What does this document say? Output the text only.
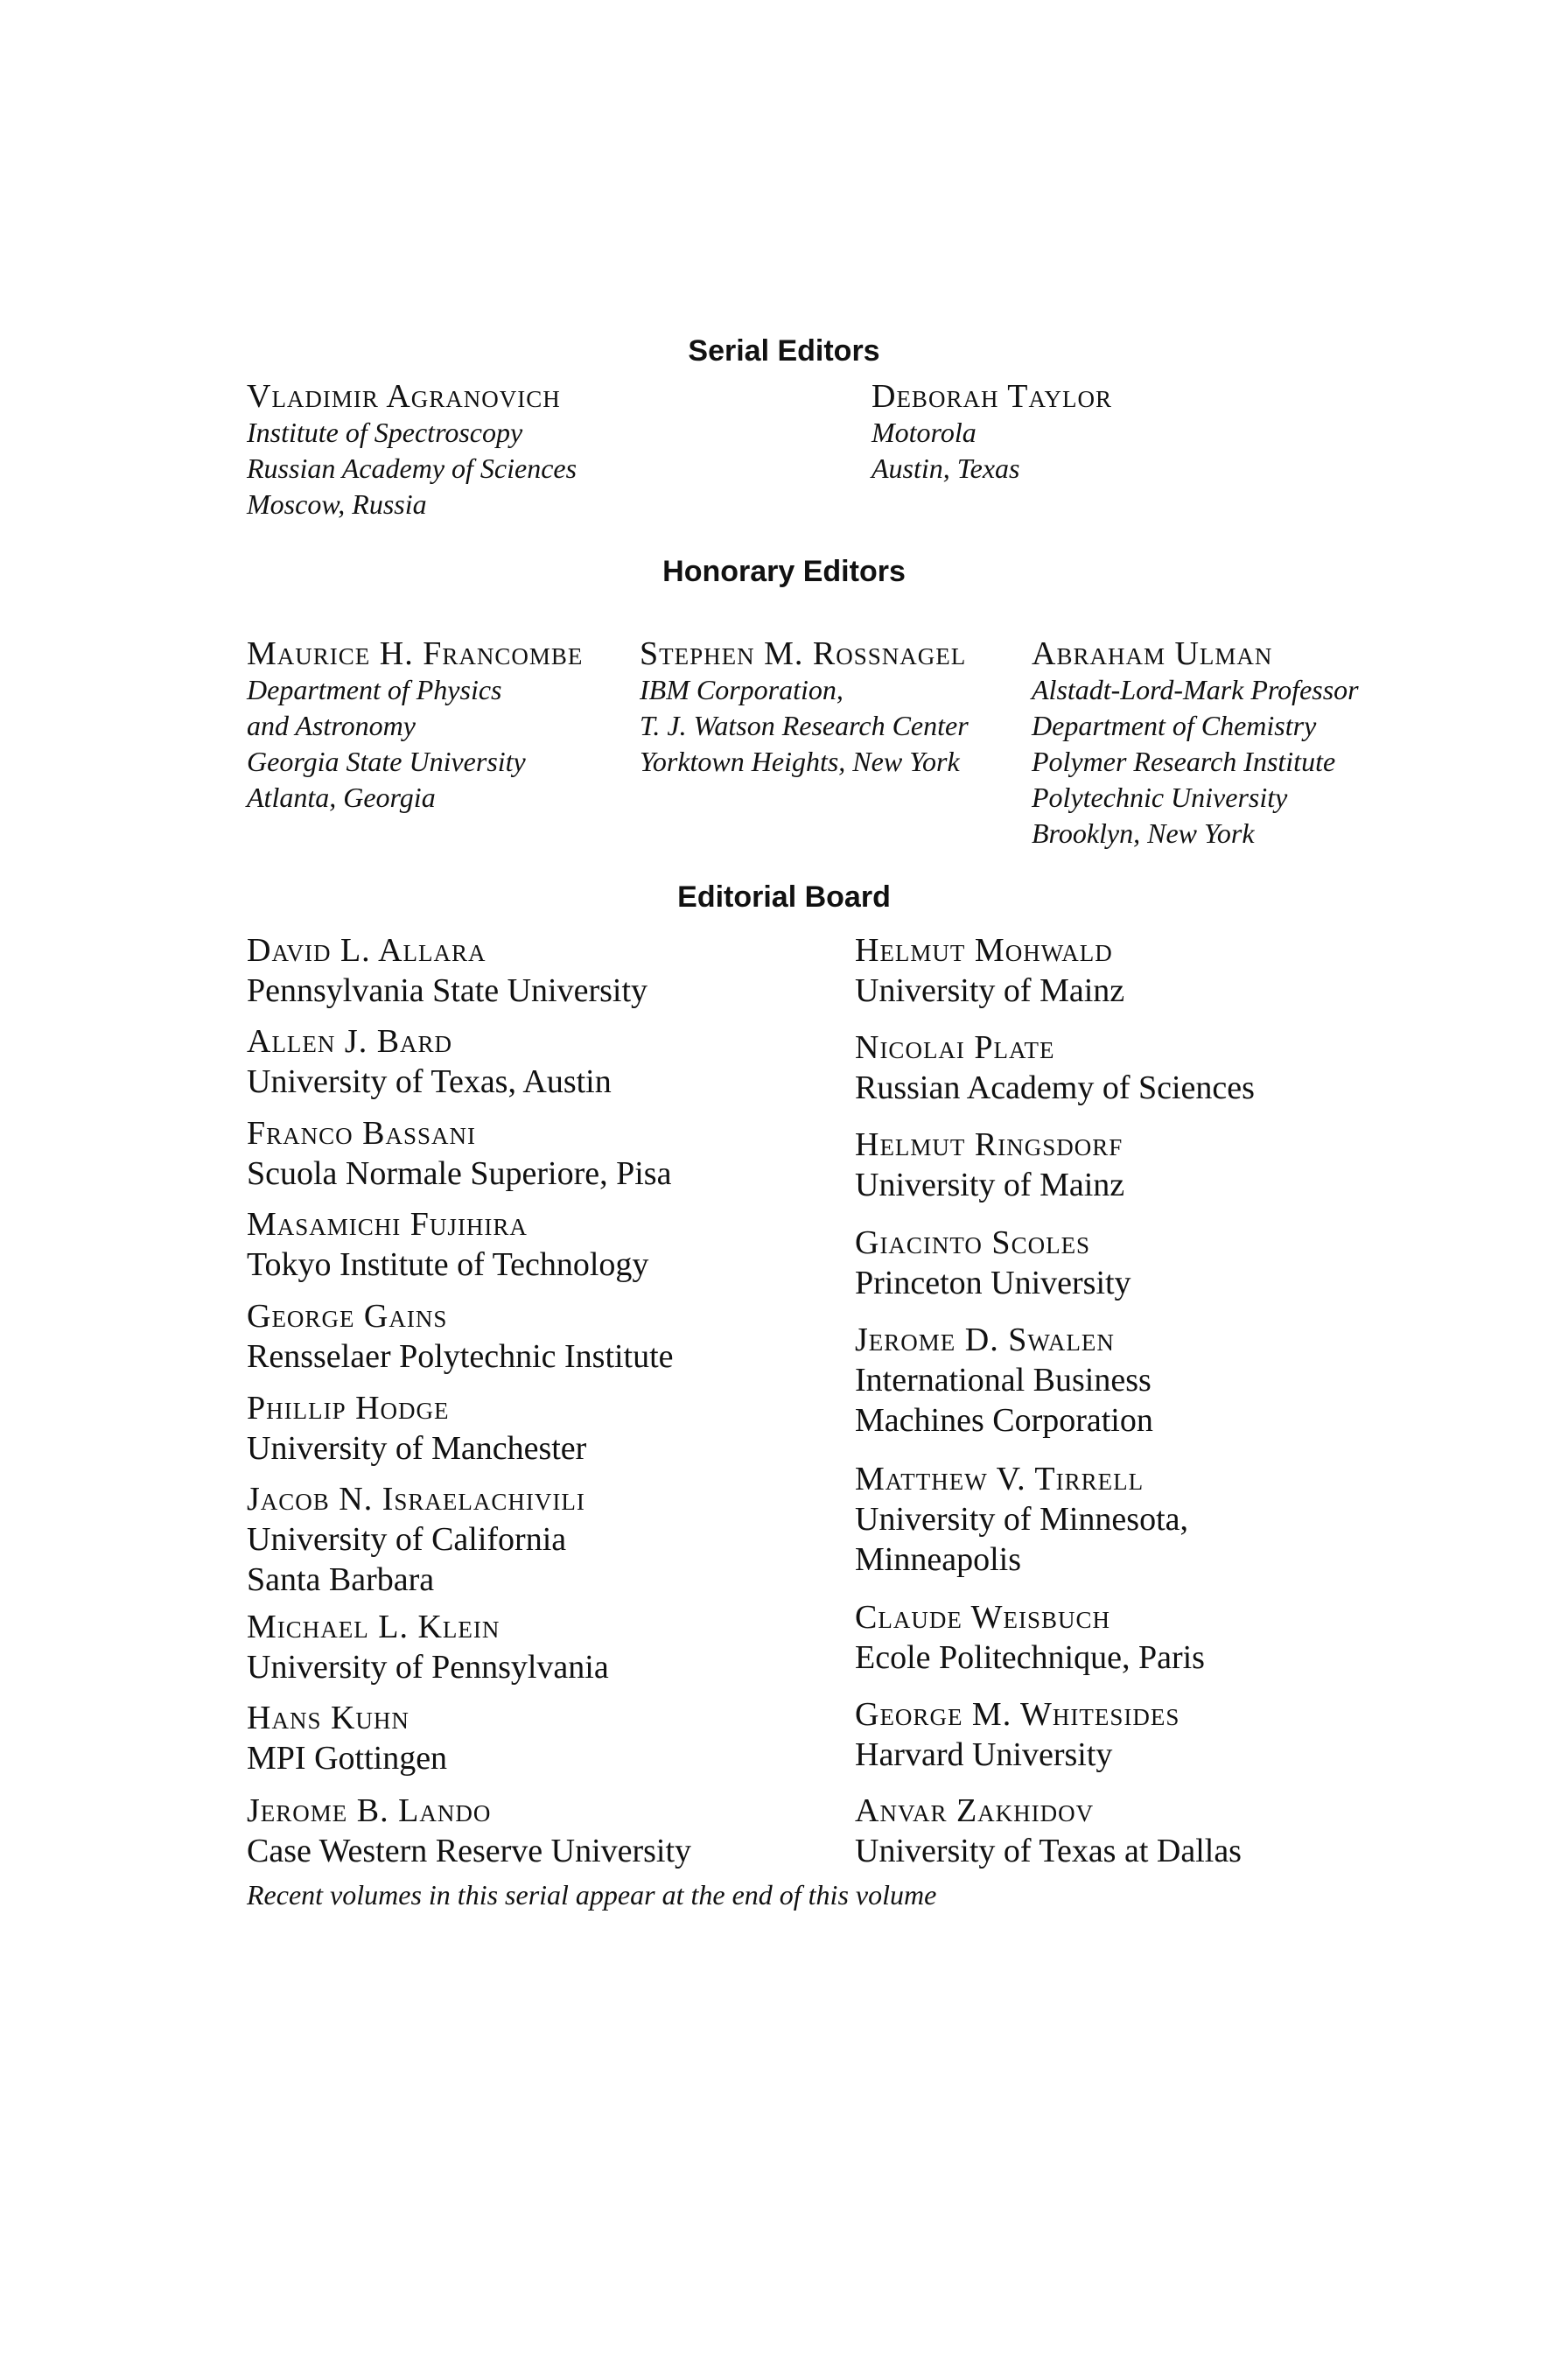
Serial Editors
Vladimir Agranovich
Institute of Spectroscopy
Russian Academy of Sciences
Moscow, Russia
Deborah Taylor
Motorola
Austin, Texas
Honorary Editors
Maurice H. Francombe
Department of Physics
and Astronomy
Georgia State University
Atlanta, Georgia
Stephen M. Rossnagel
IBM Corporation,
T. J. Watson Research Center
Yorktown Heights, New York
Abraham Ulman
Alstadt-Lord-Mark Professor
Department of Chemistry
Polymer Research Institute
Polytechnic University
Brooklyn, New York
Editorial Board
David L. Allara
Pennsylvania State University
Allen J. Bard
University of Texas, Austin
Franco Bassani
Scuola Normale Superiore, Pisa
Masamichi Fujihira
Tokyo Institute of Technology
George Gains
Rensselaer Polytechnic Institute
Phillip Hodge
University of Manchester
Jacob N. Israelachivili
University of California
Santa Barbara
Michael L. Klein
University of Pennsylvania
Hans Kuhn
MPI Gottingen
Jerome B. Lando
Case Western Reserve University
Helmut Mohwald
University of Mainz
Nicolai Plate
Russian Academy of Sciences
Helmut Ringsdorf
University of Mainz
Giacinto Scoles
Princeton University
Jerome D. Swalen
International Business
Machines Corporation
Matthew V. Tirrell
University of Minnesota,
Minneapolis
Claude Weisbuch
Ecole Politechnique, Paris
George M. Whitesides
Harvard University
Anvar Zakhidov
University of Texas at Dallas
Recent volumes in this serial appear at the end of this volume
